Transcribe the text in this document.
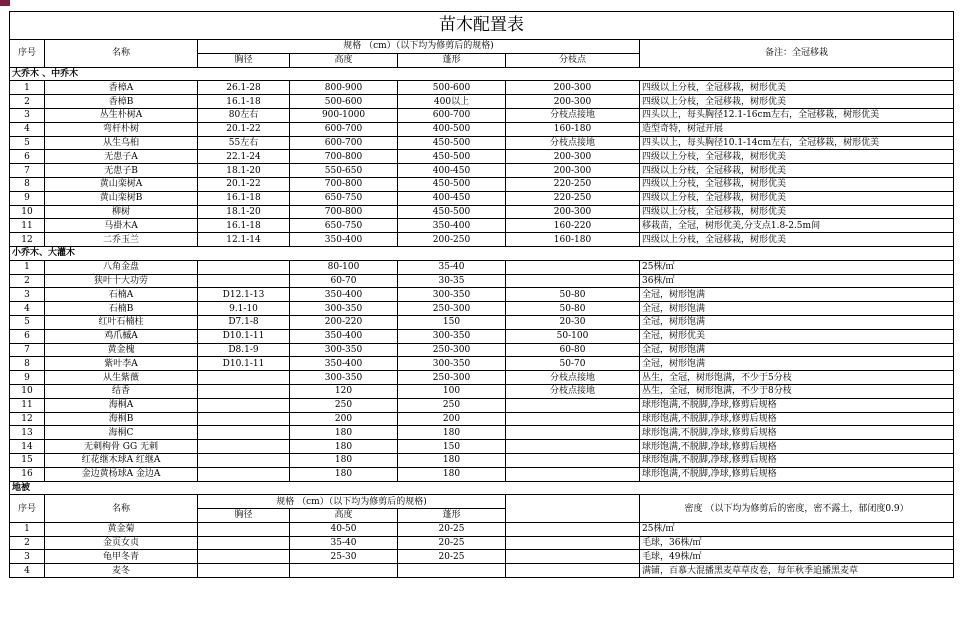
苗木配置表						
序号	名称	规格 （cm）（以下均为修剪后的规格)				备注：全冠移栽
		胸径	高度	蓬形	分枝点	
大乔木 、中乔木						
1	香樟A	26.1-28	800-900	500-600	200-300	四级以上分枝，全冠移栽，树形优美
2	香樟B	16.1-18	500-600	400以上	200-300	四级以上分枝，全冠移栽，树形优美
3	丛生朴树A	80左右	900-1000	600-700	分枝点接地	四头以上，每头胸径12.1-16cm左右，全冠移栽，树形优美
4	弯杆朴树	20.1-22	600-700	400-500	160-180	造型奇特，树冠开展
5	从生乌桕	55左右	600-700	450-500	分枝点接地	四头以上，每头胸径10.1-14cm左右，全冠移栽，树形优美
6	无患子A	22.1-24	700-800	450-500	200-300	四级以上分枝，全冠移栽，树形优美
7	无患子B	18.1-20	550-650	400-450	200-300	四级以上分枝，全冠移栽，树形优美
8	黄山栾树A	20.1-22	700-800	450-500	220-250	四级以上分枝，全冠移栽，树形优美
9	黄山栾树B	16.1-18	650-750	400-450	220-250	四级以上分枝，全冠移栽，树形优美
10	柳树	18.1-20	700-800	450-500	200-300	四级以上分枝，全冠移栽，树形优美
11	马褂木A	16.1-18	650-750	350-400	160-220	移栽苗，全冠，树形优美,分支点1.8-2.5m间
12	二乔玉兰	12.1-14	350-400	200-250	160-180	四级以上分枝，全冠移栽，树形优美
小乔木、大灌木						
1	八角金盘		80-100	35-40		25株/㎡
2	狭叶十大功劳		60-70	30-35		36株/㎡
3	石楠A	D12.1-13	350-400	300-350	50-80	全冠，树形饱满
4	石楠B	9.1-10	300-350	250-300	50-80	全冠，树形饱满
5	红叶石楠柱	D7.1-8	200-220	150	20-30	全冠，树形饱满
6	鸡爪槭A	D10.1-11	350-400	300-350	50-100	全冠，树形优美
7	黄金槐	D8.1-9	300-350	250-300	60-80	全冠，树形饱满
8	紫叶李A	D10.1-11	350-400	300-350	50-70	全冠，树形饱满
9	从生紫薇		300-350	250-300	分枝点接地	丛生，全冠，树形饱满，不少于5分枝
10	结香		120	100	分枝点接地	丛生，全冠，树形饱满，不少于8分枝
11	海桐A		250	250		球形饱满,不脱脚,净球,修剪后规格
12	海桐B		200	200		球形饱满,不脱脚,净球,修剪后规格
13	海桐C		180	180		球形饱满,不脱脚,净球,修剪后规格
14	无刺枸骨 GG 无刺		180	150		球形饱满,不脱脚,净球,修剪后规格
15	红花继木球A 红继A		180	180		球形饱满,不脱脚,净球,修剪后规格
16	金边黄杨球A 金边A		180	180		球形饱满,不脱脚,净球,修剪后规格
地被						
序号	名称	规格 （cm）（以下均为修剪后的规格)				密度 （以下均为修剪后的密度，密不露土，郁闭度0.9）
		胸径	高度	蓬形		
1	黄金菊		40-50	20-25		25株/㎡
2	金页女贞		35-40	20-25		毛球，36株/㎡
3	龟甲冬青		25-30	20-25		毛球，49株/㎡
4	麦冬					满铺，百慕大混播黑麦草草皮卷，每年秋季追播黑麦草
